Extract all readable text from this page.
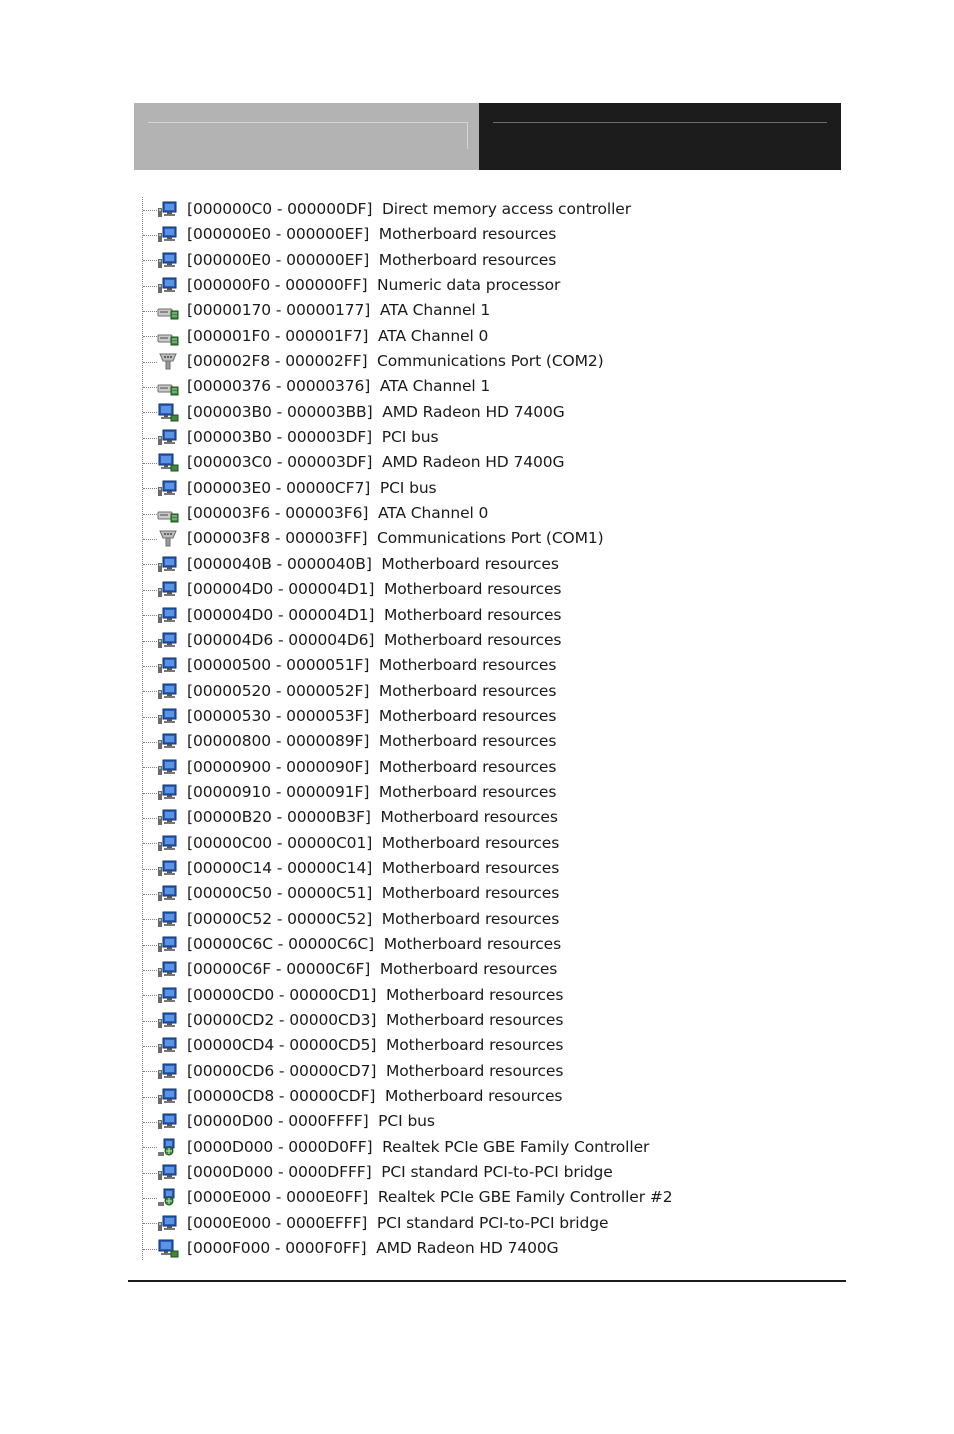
[000000C0 - 000000DF]  Direct memory access controller
[000000E0 - 000000EF]  Motherboard resources
[000000E0 - 000000EF]  Motherboard resources
[000000F0 - 000000FF]  Numeric data processor
[00000170 - 00000177]  ATA Channel 1
[000001F0 - 000001F7]  ATA Channel 0
[000002F8 - 000002FF]  Communications Port (COM2)
[00000376 - 00000376]  ATA Channel 1
[000003B0 - 000003BB]  AMD Radeon HD 7400G
[000003B0 - 000003DF]  PCI bus
[000003C0 - 000003DF]  AMD Radeon HD 7400G
[000003E0 - 00000CF7]  PCI bus
[000003F6 - 000003F6]  ATA Channel 0
[000003F8 - 000003FF]  Communications Port (COM1)
[0000040B - 0000040B]  Motherboard resources
[000004D0 - 000004D1]  Motherboard resources
[000004D0 - 000004D1]  Motherboard resources
[000004D6 - 000004D6]  Motherboard resources
[00000500 - 0000051F]  Motherboard resources
[00000520 - 0000052F]  Motherboard resources
[00000530 - 0000053F]  Motherboard resources
[00000800 - 0000089F]  Motherboard resources
[00000900 - 0000090F]  Motherboard resources
[00000910 - 0000091F]  Motherboard resources
[00000B20 - 00000B3F]  Motherboard resources
[00000C00 - 00000C01]  Motherboard resources
[00000C14 - 00000C14]  Motherboard resources
[00000C50 - 00000C51]  Motherboard resources
[00000C52 - 00000C52]  Motherboard resources
[00000C6C - 00000C6C]  Motherboard resources
[00000C6F - 00000C6F]  Motherboard resources
[00000CD0 - 00000CD1]  Motherboard resources
[00000CD2 - 00000CD3]  Motherboard resources
[00000CD4 - 00000CD5]  Motherboard resources
[00000CD6 - 00000CD7]  Motherboard resources
[00000CD8 - 00000CDF]  Motherboard resources
[00000D00 - 0000FFFF]  PCI bus
[0000D000 - 0000D0FF]  Realtek PCIe GBE Family Controller
[0000D000 - 0000DFFF]  PCI standard PCI-to-PCI bridge
[0000E000 - 0000E0FF]  Realtek PCIe GBE Family Controller #2
[0000E000 - 0000EFFF]  PCI standard PCI-to-PCI bridge
[0000F000 - 0000F0FF]  AMD Radeon HD 7400G
